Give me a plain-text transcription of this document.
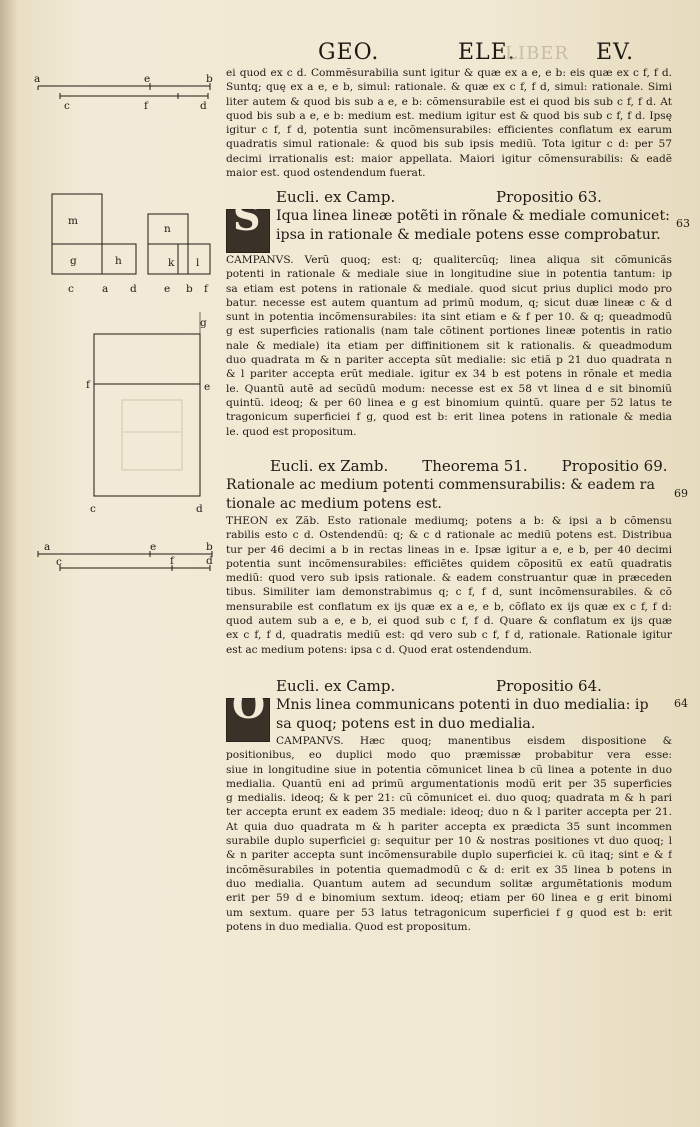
GEO.	ELE.
LIBER EV.
a	e	b
c	f	d
m
n
g	h	k l
c	a d	e b f
g
f	e
c	d
a	e	b
c	f	d
ei quod ex c d. Commẽsurabilia sunt igitur & quæ ex a e, e b: eis quæ ex c f, f d.
Suntq; quę ex a e, e b, simul: rationale. & quæ ex c f, f d, simul: rationale. Simi
liter autem & quod bis sub a e, e b: cõmensurabile est ei quod bis sub c f, f d. At
quod bis sub a e, e b: medium est. medium igitur est & quod bis sub c f, f d. Ipsę
igitur c f, f d, potentia sunt incõmensurabiles: efficientes conflatum ex earum
quadratis simul rationale: & quod bis sub ipsis mediũ. Tota igitur c d: per 57
decimi irrationalis est: maior appellata. Maiori igitur cõmensurabilis: & eadẽ
maior est. quod ostendendum fuerat.
Eucli. ex Camp.	Propositio 63.
S Iqua linea lineæ potẽti in rõnale & mediale comunicet:
ipsa in rationale & mediale potens esse comprobatur.
CAMPANVS. Verũ quoq; est: q; qualitercũq; linea aliqua sit cõmunicãs
potenti in rationale & mediale siue in longitudine siue in potentia tantum: ip
sa etiam est potens in rationale & mediale. quod sicut prius duplici modo pro
batur. necesse est autem quantum ad primũ modum, q; sicut duæ lineæ c & d
sunt in potentia incõmensurabiles: ita sint etiam e & f per 10. & q; queadmodũ
g est superficies rationalis (nam tale cõtinent portiones lineæ potentis in ratio
nale & mediale) ita etiam per diffinitionem sit k rationalis. & queadmodum
duo quadrata m & n pariter accepta sũt medialie: sic etiã p 21 duo quadrata n
& l pariter accepta erũt mediale. igitur ex 34 b est potens in rõnale et media
le. Quantũ autẽ ad secũdũ modum: necesse est ex 58 vt linea d e sit binomiũ
quintũ. ideoq; & per 60 linea e g est binomium quintũ. quare per 52 latus te
tragonicum superficiei f g, quod est b: erit linea potens in rationale & media
le. quod est propositum.
63
Eucli. ex Zamb. Theorema 51. Propositio 69.
Rationale ac medium potenti commensurabilis: & eadem ra
tionale ac medium potens est.
THEON ex Zãb. Esto rationale mediumq; potens a b: & ipsi a b cõmensu
rabilis esto c d. Ostendendũ: q; & c d rationale ac mediũ potens est. Distribua
tur per 46 decimi a b in rectas lineas in e. Ipsæ igitur a e, e b, per 40 decimi
potentia sunt incõmensurabiles: efficiẽtes quidem cõpositũ ex eatũ quadratis
mediũ: quod vero sub ipsis rationale. & eadem construantur quæ in præceden
tibus. Similiter iam demonstrabimus q; c f, f d, sunt incõmensurabiles. & cõ
mensurabile est conflatum ex ijs quæ ex a e, e b, cõflato ex ijs quæ ex c f, f d:
quod autem sub a e, e b, ei quod sub c f, f d. Quare & conflatum ex ijs quæ
ex c f, f d, quadratis mediũ est: qd vero sub c f, f d, rationale. Rationale igitur
est ac medium potens: ipsa c d. Quod erat ostendendum.
69
Eucli. ex Camp.	Propositio 64.
O Mnis linea communicans potenti in duo medialia: ip
sa quoq; potens est in duo medialia.
CAMPANVS. Hæc quoq; manentibus eisdem dispositione &
positionibus, eo duplici modo quo præmissæ probabitur vera esse:
siue in longitudine siue in potentia cõmunicet linea b cũ linea a potente in duo
medialia. Quantũ eni ad primũ argumentationis modũ erit per 35 superficies
g medialis. ideoq; & k per 21: cũ cõmunicet ei. duo quoq; quadrata m & h pari
ter accepta erunt ex eadem 35 mediale: ideoq; duo n & l pariter accepta per 21.
At quia duo quadrata m & h pariter accepta ex prædicta 35 sunt incommen
surabile duplo superficiei g: sequitur per 10 & nostras positiones vt duo quoq; l
& n pariter accepta sunt incõmensurabile duplo superficiei k. cũ itaq; sint e & f
incõmẽsurabiles in potentia quemadmodũ c & d: erit ex 35 linea b potens in
duo medialia. Quantum autem ad secundum solitæ argumẽtationis modum
erit per 59 d e binomium sextum. ideoq; etiam per 60 linea e g erit binomi
um sextum. quare per 53 latus tetragonicum superficiei f g quod est b: erit
potens in duo medialia. Quod est propositum.
64
